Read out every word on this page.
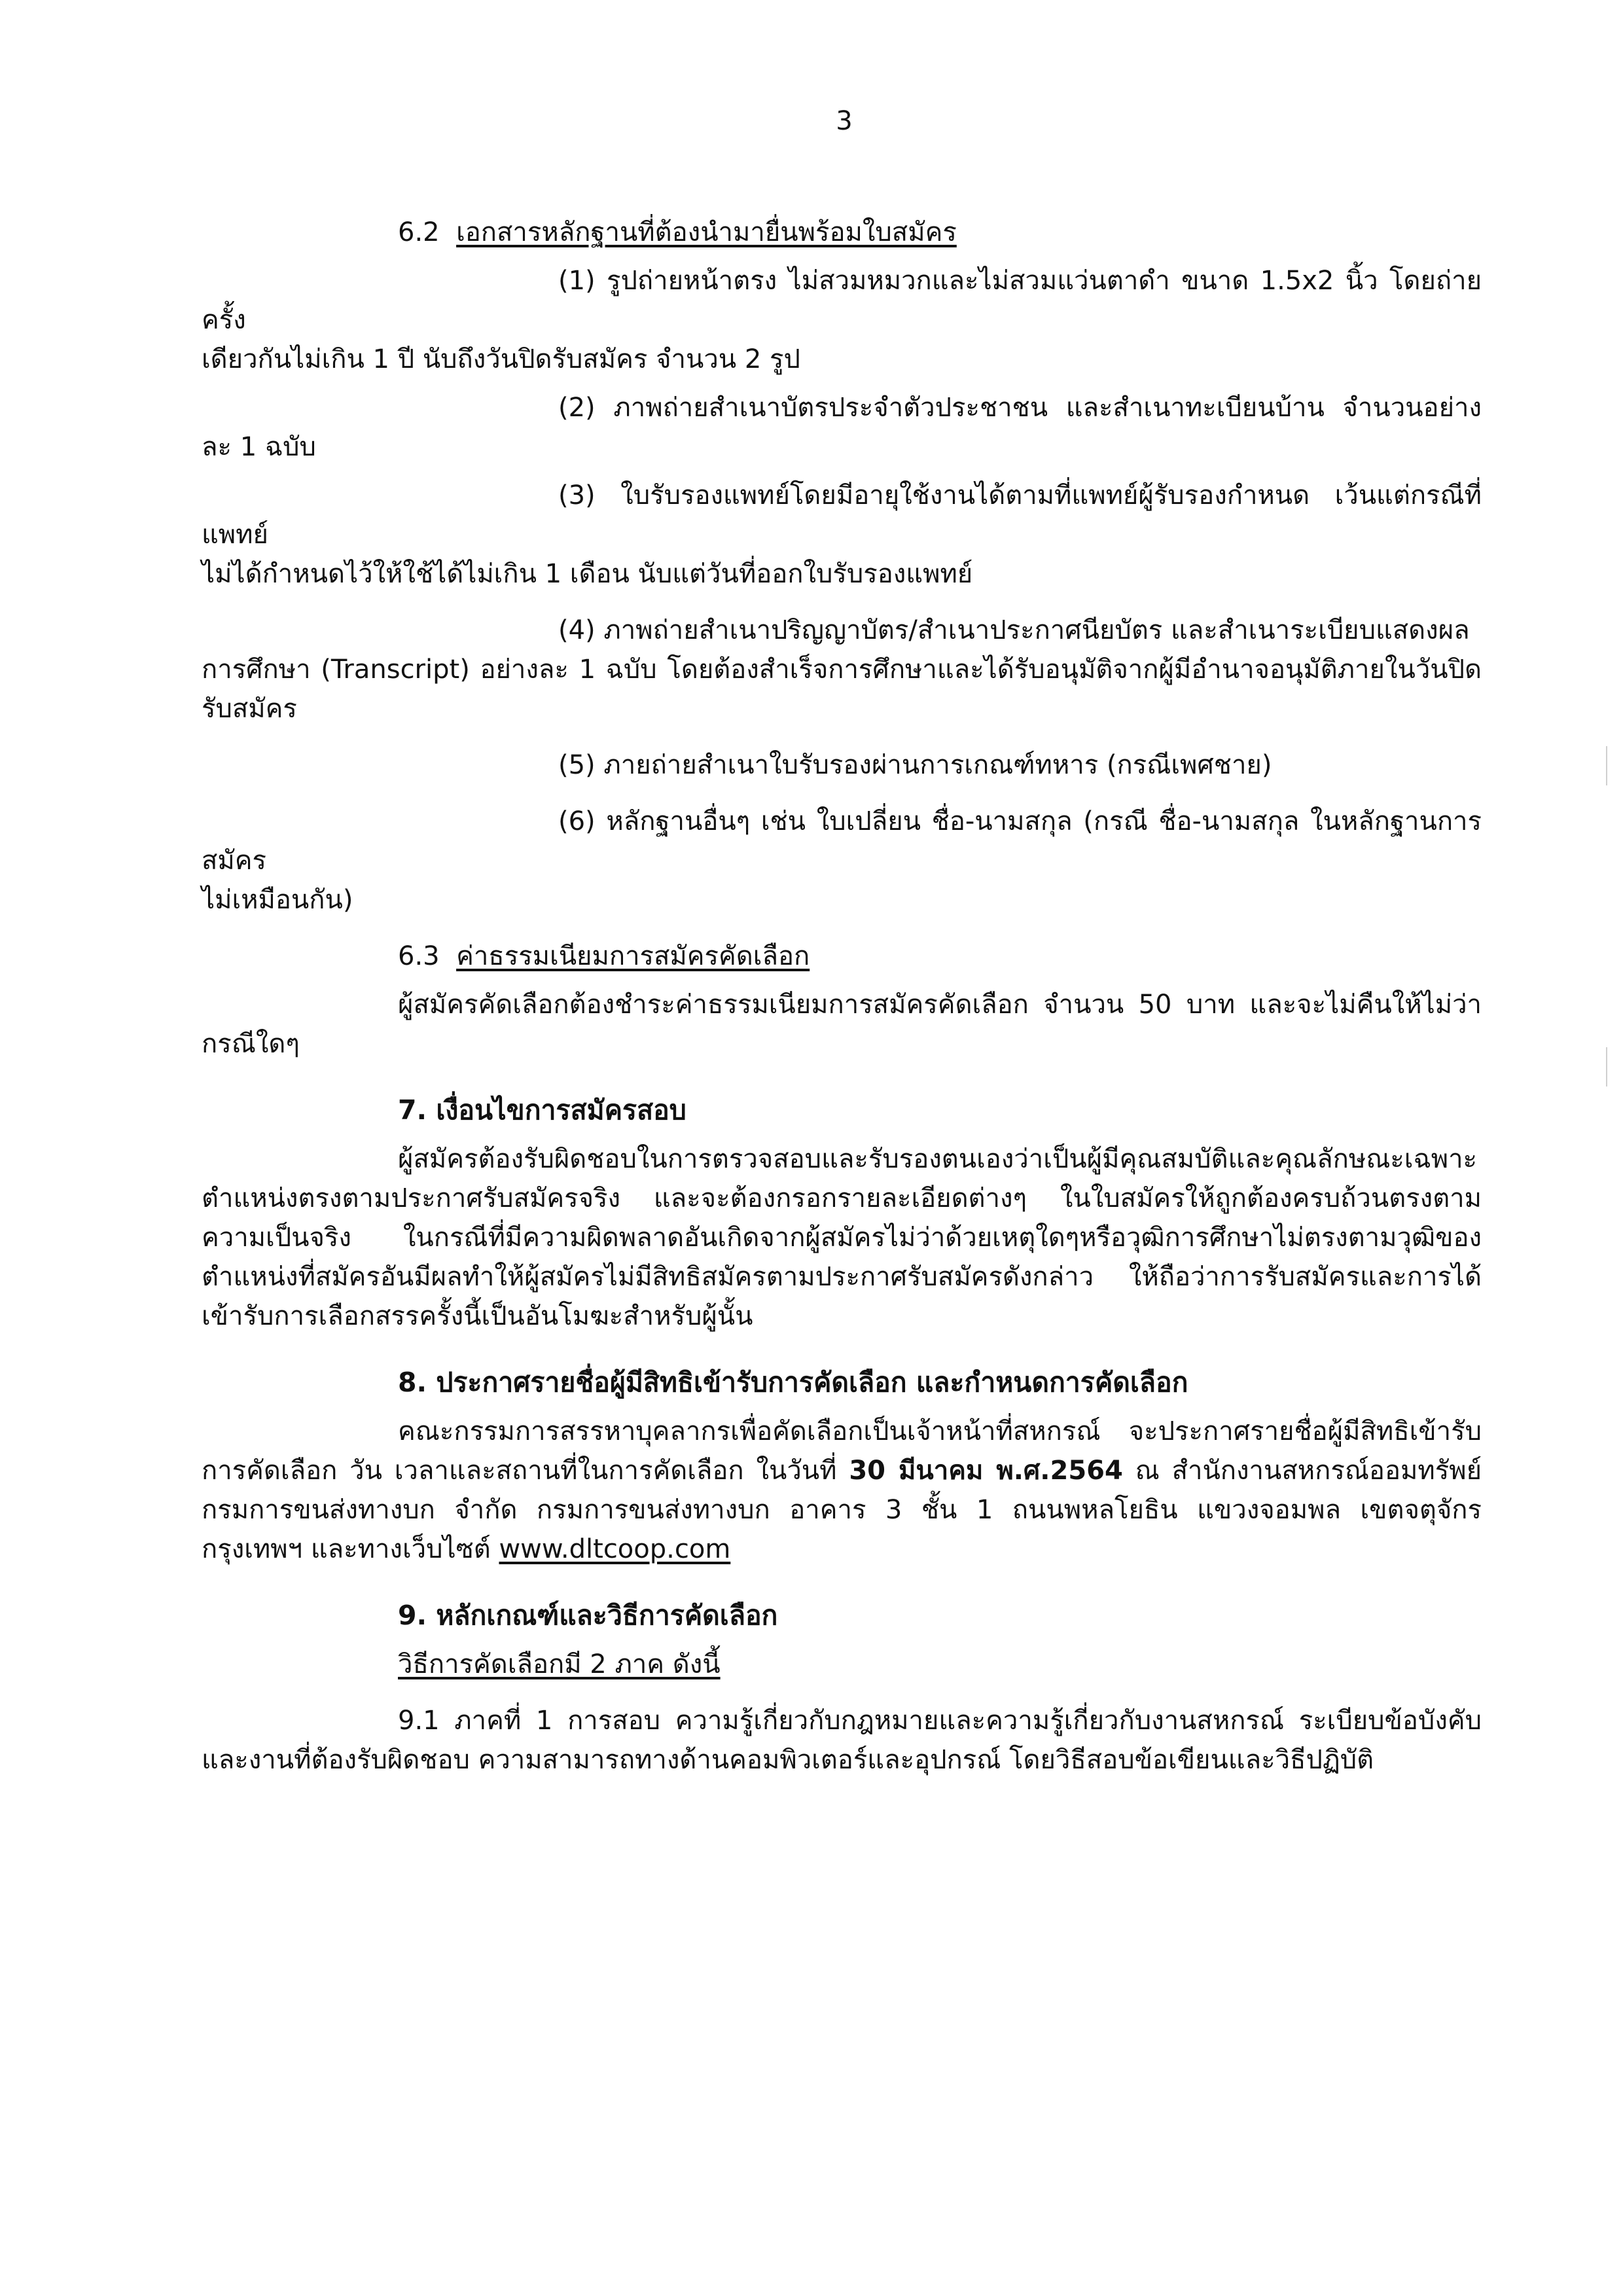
3

6.2 เอกสารหลักฐานที่ต้องนำมายื่นพร้อมใบสมัคร

(1) รูปถ่ายหน้าตรง ไม่สวมหมวกและไม่สวมแว่นตาดำ ขนาด 1.5x2 นิ้ว โดยถ่ายครั้ง

เดียวกันไม่เกิน 1 ปี นับถึงวันปิดรับสมัคร จำนวน 2 รูป

(2) ภาพถ่ายสำเนาบัตรประจำตัวประชาชน และสำเนาทะเบียนบ้าน จำนวนอย่างละ 1 ฉบับ

(3) ใบรับรองแพทย์โดยมีอายุใช้งานได้ตามที่แพทย์ผู้รับรองกำหนด เว้นแต่กรณีที่แพทย์

ไม่ได้กำหนดไว้ให้ใช้ได้ไม่เกิน 1 เดือน นับแต่วันที่ออกใบรับรองแพทย์

(4) ภาพถ่ายสำเนาปริญญาบัตร/สำเนาประกาศนียบัตร และสำเนาระเบียบแสดงผล

การศึกษา (Transcript) อย่างละ 1 ฉบับ โดยต้องสำเร็จการศึกษาและได้รับอนุมัติจากผู้มีอำนาจอนุมัติภายในวันปิดรับสมัคร

(5) ภายถ่ายสำเนาใบรับรองผ่านการเกณฑ์ทหาร (กรณีเพศชาย)

(6) หลักฐานอื่นๆ เช่น ใบเปลี่ยน ชื่อ-นามสกุล (กรณี ชื่อ-นามสกุล ในหลักฐานการสมัคร

ไม่เหมือนกัน)

6.3 ค่าธรรมเนียมการสมัครคัดเลือก

ผู้สมัครคัดเลือกต้องชำระค่าธรรมเนียมการสมัครคัดเลือก จำนวน 50 บาท และจะไม่คืนให้ไม่ว่ากรณีใดๆ

7. เงื่อนไขการสมัครสอบ

ผู้สมัครต้องรับผิดชอบในการตรวจสอบและรับรองตนเองว่าเป็นผู้มีคุณสมบัติและคุณลักษณะเฉพาะตำแหน่งตรงตามประกาศรับสมัครจริง และจะต้องกรอกรายละเอียดต่างๆ ในใบสมัครให้ถูกต้องครบถ้วนตรงตามความเป็นจริง ในกรณีที่มีความผิดพลาดอันเกิดจากผู้สมัครไม่ว่าด้วยเหตุใดๆหรือวุฒิการศึกษาไม่ตรงตามวุฒิของตำแหน่งที่สมัครอันมีผลทำให้ผู้สมัครไม่มีสิทธิสมัครตามประกาศรับสมัครดังกล่าว ให้ถือว่าการรับสมัครและการได้เข้ารับการเลือกสรรครั้งนี้เป็นอันโมฆะสำหรับผู้นั้น

8. ประกาศรายชื่อผู้มีสิทธิเข้ารับการคัดเลือก และกำหนดการคัดเลือก

คณะกรรมการสรรหาบุคลากรเพื่อคัดเลือกเป็นเจ้าหน้าที่สหกรณ์ จะประกาศรายชื่อผู้มีสิทธิเข้ารับการคัดเลือก วัน เวลาและสถานที่ในการคัดเลือก ในวันที่ 30 มีนาคม พ.ศ.2564 ณ สำนักงานสหกรณ์ออมทรัพย์กรมการขนส่งทางบก จำกัด กรมการขนส่งทางบก อาคาร 3 ชั้น 1 ถนนพหลโยธิน แขวงจอมพล เขตจตุจักร กรุงเทพฯ และทางเว็บไซต์ www.dltcoop.com

9. หลักเกณฑ์และวิธีการคัดเลือก

วิธีการคัดเลือกมี 2 ภาค ดังนี้

9.1 ภาคที่ 1 การสอบ ความรู้เกี่ยวกับกฎหมายและความรู้เกี่ยวกับงานสหกรณ์ ระเบียบข้อบังคับและงานที่ต้องรับผิดชอบ ความสามารถทางด้านคอมพิวเตอร์และอุปกรณ์ โดยวิธีสอบข้อเขียนและวิธีปฏิบัติ
